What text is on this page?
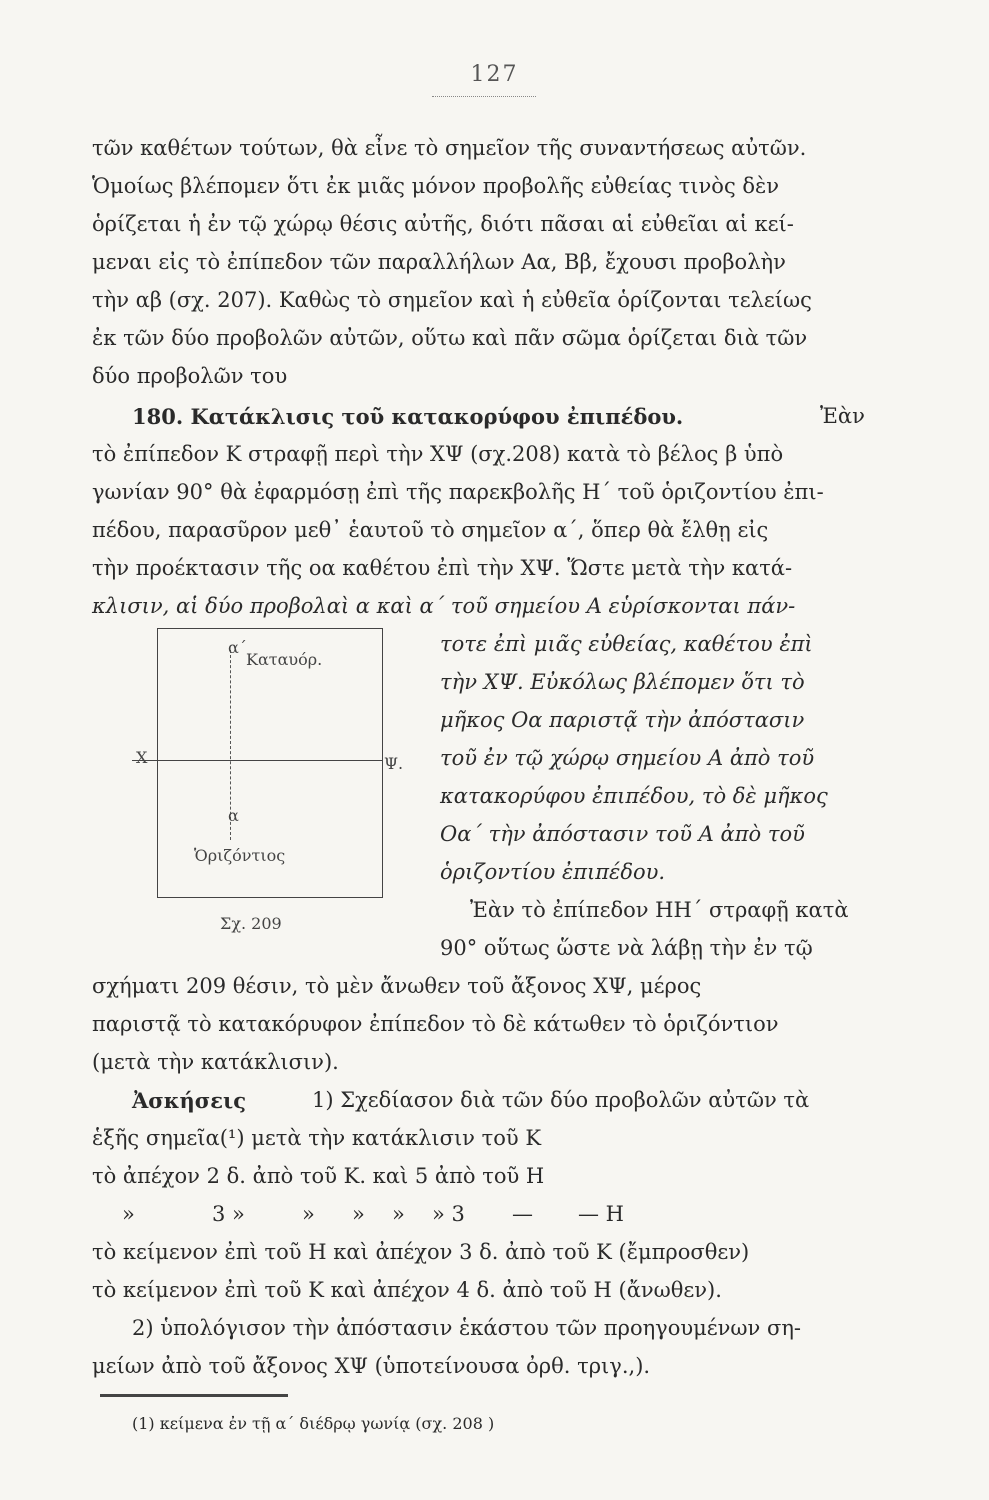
127
τῶν καθέτων τούτων, θὰ εἶνε τὸ σημεῖον τῆς συναντήσεως αὐτῶν.
Ὁμοίως βλέπομεν ὅτι ἐκ μιᾶς μόνον προβολῆς εὐθείας τινὸς δὲν
ὁρίζεται ἡ ἐν τῷ χώρῳ θέσις αὐτῆς, διότι πᾶσαι αἱ εὐθεῖαι αἱ κεί-
μεναι εἰς τὸ ἐπίπεδον τῶν παραλλήλων Αα, Ββ, ἔχουσι προβολὴν
τὴν αβ (σχ. 207). Καθὼς τὸ σημεῖον καὶ ἡ εὐθεῖα ὁρίζονται τελείως
ἐκ τῶν δύο προβολῶν αὐτῶν, οὕτω καὶ πᾶν σῶμα ὁρίζεται διὰ τῶν
δύο προβολῶν του
180. Κατάκλισις τοῦ κατακορύφου ἐπιπέδου.	Ἐὰν
τὸ ἐπίπεδον Κ στραφῇ περὶ τὴν ΧΨ (σχ.208) κατὰ τὸ βέλος β ὑπὸ
γωνίαν 90° θὰ ἐφαρμόσῃ ἐπὶ τῆς παρεκβολῆς Η΄ τοῦ ὁριζοντίου ἐπι-
πέδου, παρασῦρον μεθ᾽ ἑαυτοῦ τὸ σημεῖον α΄, ὅπερ θὰ ἔλθῃ εἰς
τὴν προέκτασιν τῆς οα καθέτου ἐπὶ τὴν ΧΨ. Ὥστε μετὰ τὴν κατά-
κλισιν, αἱ δύο προβολαὶ α καὶ α΄ τοῦ σημείου Α εὑρίσκονται πάν-
τοτε ἐπὶ μιᾶς εὐθείας, καθέτου ἐπὶ
τὴν ΧΨ. Εὐκόλως βλέπομεν ὅτι τὸ
μῆκος Οα παριστᾷ τὴν ἀπόστασιν
τοῦ ἐν τῷ χώρῳ σημείου Α ἀπὸ τοῦ
κατακορύφου ἐπιπέδου, τὸ δὲ μῆκος
Οα΄ τὴν ἀπόστασιν τοῦ Α ἀπὸ τοῦ
ὁριζοντίου ἐπιπέδου.
Ἐὰν τὸ ἐπίπεδον ΗΗ΄ στραφῇ κατὰ
90° οὕτως ὥστε νὰ λάβῃ τὴν ἐν τῷ
α΄
Καταυόρ.
Χ	Ψ.
α
Ὁριζόντιος
Σχ. 209
σχήματι 209 θέσιν, τὸ μὲν ἄνωθεν τοῦ ἄξονος ΧΨ, μέρος
παριστᾷ τὸ κατακόρυφον ἐπίπεδον τὸ δὲ κάτωθεν τὸ ὁριζόντιον
(μετὰ τὴν κατάκλισιν).
Ἀσκήσεις	1) Σχεδίασον διὰ τῶν δύο προβολῶν αὐτῶν τὰ
ἑξῆς σημεῖα(¹) μετὰ τὴν κατάκλισιν τοῦ Κ
τὸ ἀπέχον 2 δ. ἀπὸ τοῦ Κ. καὶ 5 ἀπὸ τοῦ Η
»	3 »	» » » » 3 — — Η
τὸ κείμενον ἐπὶ τοῦ Η καὶ ἀπέχον 3 δ. ἀπὸ τοῦ Κ (ἔμπροσθεν)
τὸ κείμενον ἐπὶ τοῦ Κ καὶ ἀπέχον 4 δ. ἀπὸ τοῦ Η (ἄνωθεν).
2) ὑπολόγισον τὴν ἀπόστασιν ἑκάστου τῶν προηγουμένων ση-
μείων ἀπὸ τοῦ ἄξονος ΧΨ (ὑποτείνουσα ὀρθ. τριγ.,).
(1) κείμενα ἐν τῇ α΄ διέδρῳ γωνίᾳ (σχ. 208 )
